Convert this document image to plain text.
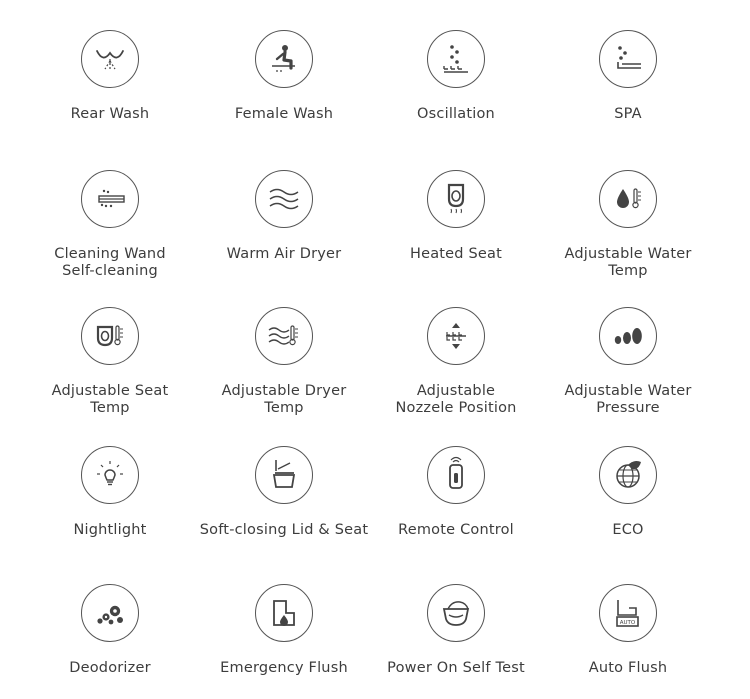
Rear Wash	Female Wash	Oscillation	SPA
Cleaning Wand
Self-cleaning
Warm Air Dryer	Heated Seat	Adjustable Water
Temp
Adjustable Seat
Temp
Adjustable Dryer
Temp
Adjustable
Nozzele Position
Adjustable Water
Pressure
Nightlight	Soft-closing Lid & Seat	Remote Control	ECO
Deodorizer	Emergency Flush	Power On Self Test
AUTO
Auto Flush
